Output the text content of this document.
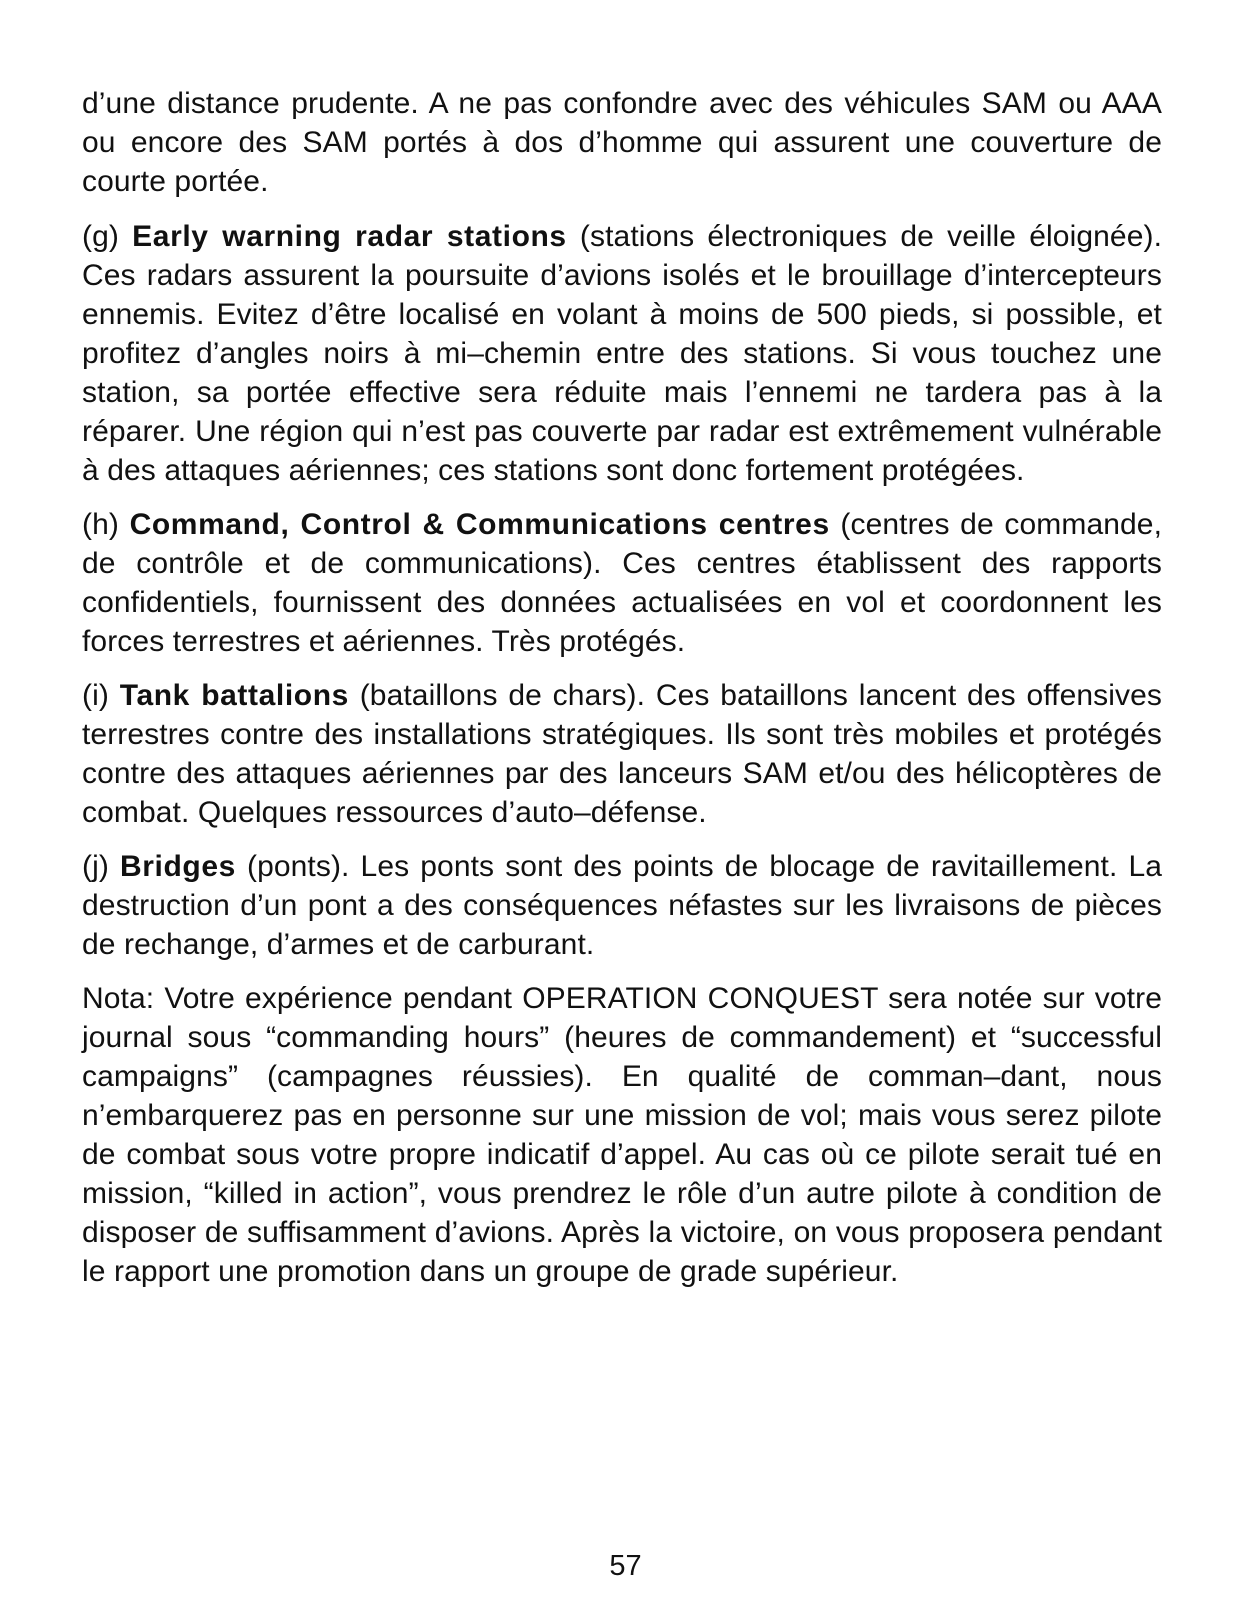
d’une distance prudente. A ne pas confondre avec des véhicules SAM ou AAA ou encore des SAM portés à dos d’homme qui assurent une couverture de courte portée.

(g) Early warning radar stations (stations électroniques de veille éloignée). Ces radars assurent la poursuite d’avions isolés et le brouillage d’intercepteurs ennemis. Evitez d’être localisé en volant à moins de 500 pieds, si possible, et profitez d’angles noirs à mi–chemin entre des stations. Si vous touchez une station, sa portée effective sera réduite mais l’ennemi ne tardera pas à la réparer. Une région qui n’est pas couverte par radar est extrêmement vulnérable à des attaques aériennes; ces stations sont donc fortement protégées.

(h) Command, Control & Communications centres (centres de commande, de contrôle et de communications). Ces centres établissent des rapports confidentiels, fournissent des données actualisées en vol et coordonnent les forces terrestres et aériennes. Très protégés.

(i) Tank battalions (bataillons de chars). Ces bataillons lancent des offensives terrestres contre des installations stratégiques. Ils sont très mobiles et protégés contre des attaques aériennes par des lanceurs SAM et/ou des hélicoptères de combat. Quelques ressources d’auto–défense.

(j) Bridges (ponts). Les ponts sont des points de blocage de ravitaillement. La destruction d’un pont a des conséquences néfastes sur les livraisons de pièces de rechange, d’armes et de carburant.

Nota: Votre expérience pendant OPERATION CONQUEST sera notée sur votre journal sous “commanding hours” (heures de commandement) et “successful campaigns” (campagnes réussies). En qualité de comman–dant, nous n’embarquerez pas en personne sur une mission de vol; mais vous serez pilote de combat sous votre propre indicatif d’appel. Au cas où ce pilote serait tué en mission, “killed in action”, vous prendrez le rôle d’un autre pilote à condition de disposer de suffisamment d’avions. Après la victoire, on vous proposera pendant le rapport une promotion dans un groupe de grade supérieur.

57
